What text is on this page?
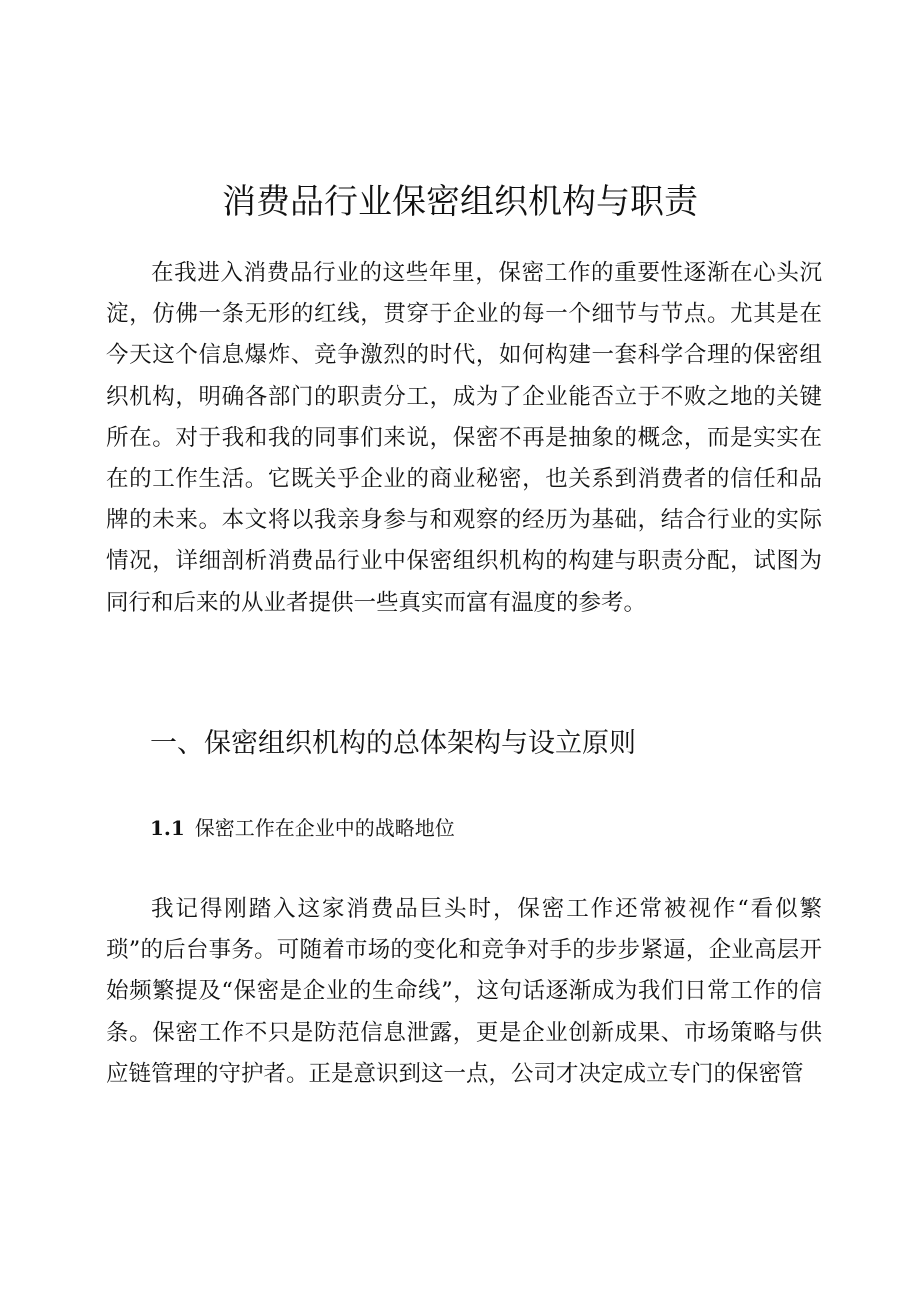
消费品行业保密组织机构与职责

在我进入消费品行业的这些年里，保密工作的重要性逐渐在心头沉淀，仿佛一条无形的红线，贯穿于企业的每一个细节与节点。尤其是在今天这个信息爆炸、竞争激烈的时代，如何构建一套科学合理的保密组织机构，明确各部门的职责分工，成为了企业能否立于不败之地的关键所在。对于我和我的同事们来说，保密不再是抽象的概念，而是实实在在的工作生活。它既关乎企业的商业秘密，也关系到消费者的信任和品牌的未来。本文将以我亲身参与和观察的经历为基础，结合行业的实际情况，详细剖析消费品行业中保密组织机构的构建与职责分配，试图为同行和后来的从业者提供一些真实而富有温度的参考。

一、保密组织机构的总体架构与设立原则
1.1 保密工作在企业中的战略地位

我记得刚踏入这家消费品巨头时，保密工作还常被视作“看似繁琐”的后台事务。可随着市场的变化和竞争对手的步步紧逼，企业高层开始频繁提及“保密是企业的生命线”，这句话逐渐成为我们日常工作的信条。保密工作不只是防范信息泄露，更是企业创新成果、市场策略与供应链管理的守护者。正是意识到这一点，公司才决定成立专门的保密管
